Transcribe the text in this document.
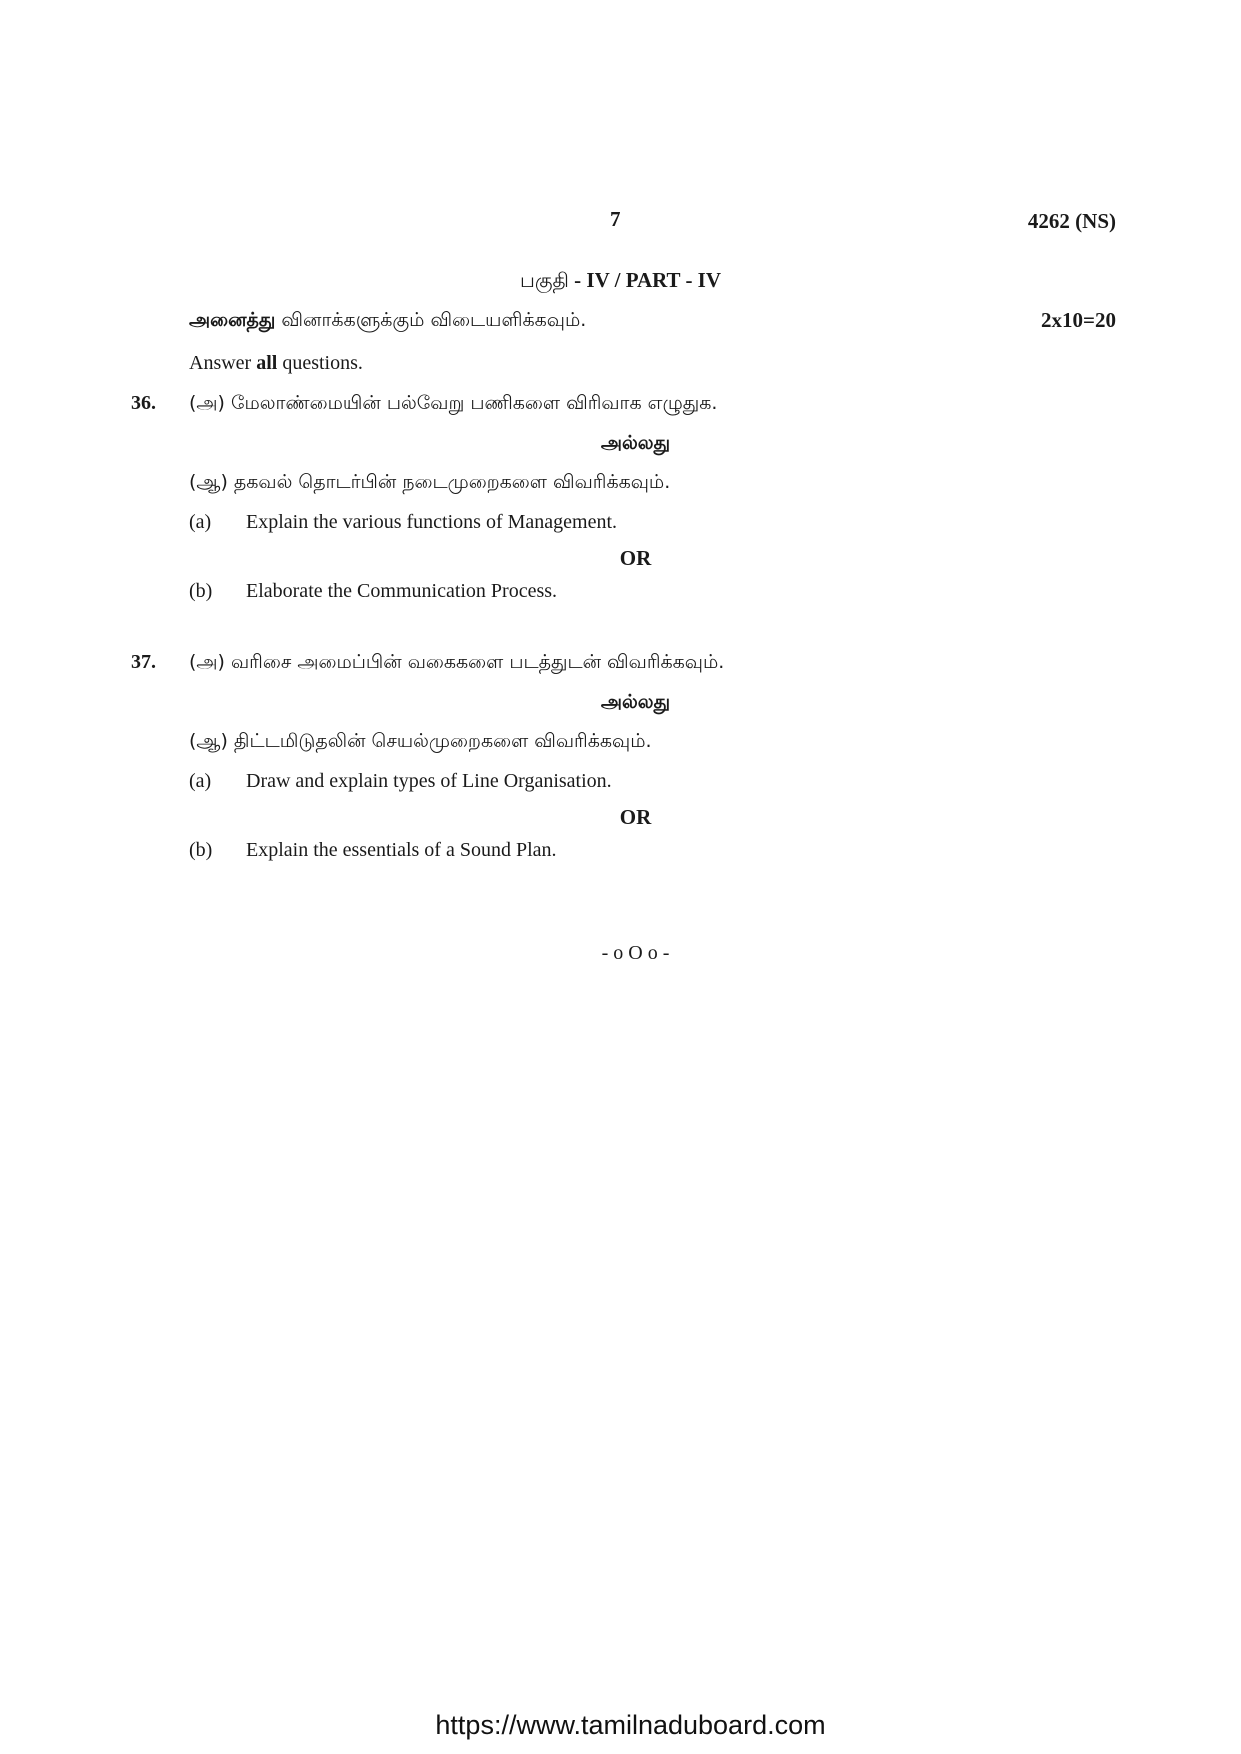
7	4262 (NS)
பகுதி - IV / PART - IV
அனைத்து வினாக்களுக்கும் விடையளிக்கவும்.	2x10=20
Answer all questions.
36. (அ) மேலாண்மையின் பல்வேறு பணிகளை விரிவாக எழுதுக.
அல்லது
(ஆ) தகவல் தொடர்பின் நடைமுறைகளை விவரிக்கவும்.
(a) Explain the various functions of Management.
OR
(b) Elaborate the Communication Process.
37. (அ) வரிசை அமைப்பின் வகைகளை படத்துடன் விவரிக்கவும்.
அல்லது
(ஆ) திட்டமிடுதலின் செயல்முறைகளை விவரிக்கவும்.
(a) Draw and explain types of Line Organisation.
OR
(b) Explain the essentials of a Sound Plan.
- o O o -
https://www.tamilnaduboard.com
